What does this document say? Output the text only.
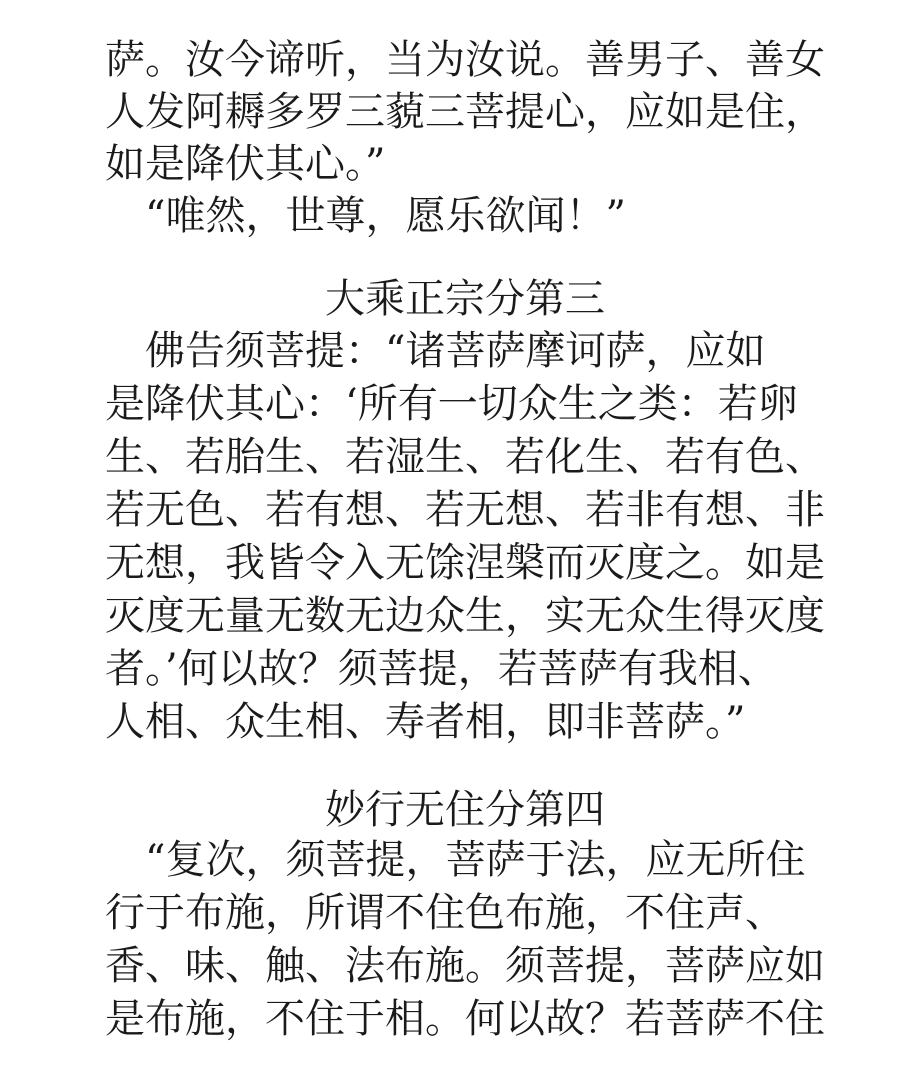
萨。汝今谛听，当为汝说。善男子、善女
人发阿耨多罗三藐三菩提心，应如是住，
如是降伏其心。”
　“唯然，世尊，愿乐欲闻！”
大乘正宗分第三
　佛告须菩提：“诸菩萨摩诃萨，应如
是降伏其心：‘所有一切众生之类：若卵
生、若胎生、若湿生、若化生、若有色、
若无色、若有想、若无想、若非有想、非
无想，我皆令入无馀涅槃而灭度之。如是
灭度无量无数无边众生，实无众生得灭度
者。’何以故？须菩提，若菩萨有我相、
人相、众生相、寿者相，即非菩萨。”
妙行无住分第四
　“复次，须菩提，菩萨于法，应无所住
行于布施，所谓不住色布施，不住声、
香、味、触、法布施。须菩提，菩萨应如
是布施，不住于相。何以故？若菩萨不住
